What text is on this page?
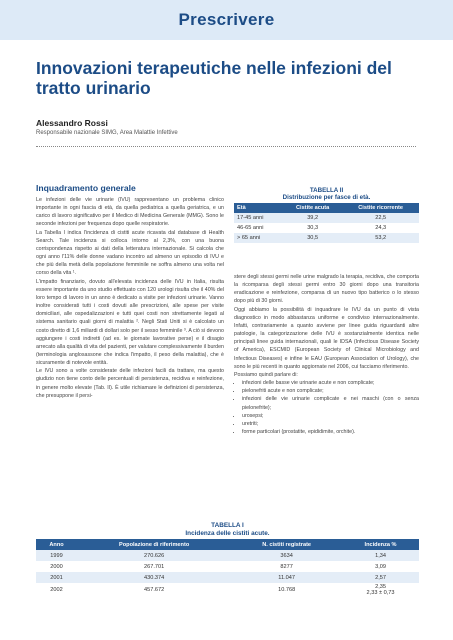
Prescrivere
Innovazioni terapeutiche nelle infezioni del tratto urinario
Alessandro Rossi
Responsabile nazionale SIMG, Area Malattie Infettive
Inquadramento generale

Le infezioni delle vie urinarie (IVU) rappresentano un problema clinico importante in ogni fascia di età, da quella pediatrica a quella geriatrica, e un carico di lavoro significativo per il Medico di Medicina Generale (MMG). Sono le seconde infezioni per frequenza dopo quelle respiratorie.

La Tabella I indica l'incidenza di cistiti acute ricavata dal database di Health Search. Tale incidenza si colloca intorno al 2,3%, con una buona corrispondenza rispetto ai dati della letteratura internazionale. Si calcola che ogni anno l'11% delle donne vadano incontro ad almeno un episodio di IVU e che più della metà della popolazione femminile ne soffra almeno una volta nel corso della vita ¹.

L'impatto finanziario, dovuto all'elevata incidenza delle IVU in Italia, risulta essere importante da uno studio effettuato con 120 urologi risulta che il 40% del loro tempo di lavoro in un anno è dedicato a visite per infezioni urinarie. Vanno inoltre considerati tutti i costi dovuti alle prescrizioni, alle spese per visite domiciliari, alle ospedalizzazioni e tutti quei costi non strettamente legati al sistema sanitario quali giorni di malattia ². Negli Stati Uniti si è calcolato un costo diretto di 1,6 miliardi di dollari solo per il sesso femminile ³. A ciò si devono aggiungere i costi indiretti (ad es. le giornate lavorative perse) e il disagio arrecato alla qualità di vita del pazienti, per valutare complessivamente il burden (terminologia anglosassone che indica l'impatto, il peso della malattia), che è sicuramente di notevole entità.

Le IVU sono a volte considerate delle infezioni facili da trattare, ma questo giudizio non tiene conto delle percentuali di persistenza, recidiva e reinfezione, in genere molto elevate (Tab. II). È utile richiamare le definizioni di persistenza, che presuppone il persi-

TABELLA II
Distribuzione per fasce di età.
Età	Cistite acuta	Cistite ricorrente
17-45 anni	39,2	22,5
46-65 anni	30,3	24,3
> 65 anni	30,5	53,2

stere degli stessi germi nelle urine malgrado la terapia, recidiva, che comporta la ricomparsa degli stessi germi entro 30 giorni dopo una transitoria eradicazione e reinfezione, comparsa di un nuovo tipo batterico o lo stesso dopo più di 30 giorni.

Oggi abbiamo la possibilità di inquadrare le IVU da un punto di vista diagnostico in modo abbastanza uniforme e condiviso internazionalmente. Infatti, contrariamente a quanto avviene per linee guida riguardanti altre patologie, la categorizzazione delle IVU è sostanzialmente identica nelle principali linee guida internazionali, quali le IDSA (Infectious Disease Society of America), ESCMID (European Society of Clinical Microbiology and Infectious Diseases) e infine le EAU (European Association of Urology), che sono le più recenti in quanto aggiornate nel 2006, cui facciamo riferimento.

Possiamo quindi parlare di:

• infezioni delle basse vie urinarie acute e non complicate;
• pielonefriti acute e non complicate;
• infezioni delle vie urinarie complicate e nei maschi (con o senza pielonefrite);
• urosepsi;
• uretriti;
• forme particolari (prostatite, epididimite, orchite).
TABELLA I
Incidenza delle cistiti acute.
Anno	Popolazione di riferimento	N. cistiti registrate	Incidenza %
1999	270.626	3634	1,34
2000	267.701	8277	3,09
2001	430.374	11.047	2,57
2002	457.672	10.768	2,35
2,33 ± 0,73
